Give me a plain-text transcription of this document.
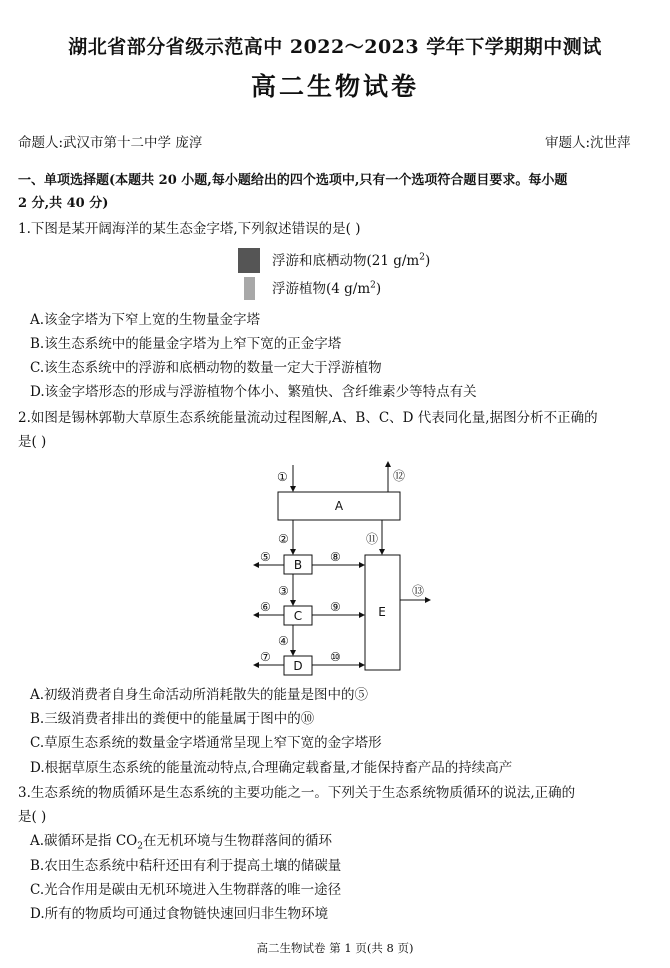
湖北省部分省级示范高中 2022～2023 学年下学期期中测试
高二生物试卷
命题人:武汉市第十二中学 庞淳	审题人:沈世萍
一、单项选择题(本题共 20 小题,每小题给出的四个选项中,只有一个选项符合题目要求。每小题
2 分,共 40 分)
1.下图是某开阔海洋的某生态金字塔,下列叙述错误的是( )
浮游和底栖动物(21 $g/m^2$)
浮游植物(4 $g/m^2$)
A.该金字塔为下窄上宽的生物量金字塔
B.该生态系统中的能量金字塔为上窄下宽的正金字塔
C.该生态系统中的浮游和底栖动物的数量一定大于浮游植物
D.该金字塔形态的形成与浮游植物个体小、繁殖快、含纤维素少等特点有关
2.如图是锡林郭勒大草原生态系统能量流动过程图解,A、B、C、D 代表同化量,据图分析不正确的
是( )
A
B
C
D
E
①	⑫
②	⑪
③
④
⑤
⑥
⑦
⑧
⑨
⑩
⑬
A.初级消费者自身生命活动所消耗散失的能量是图中的⑤
B.三级消费者排出的粪便中的能量属于图中的⑩
C.草原生态系统的数量金字塔通常呈现上窄下宽的金字塔形
D.根据草原生态系统的能量流动特点,合理确定载畜量,才能保持畜产品的持续高产
3.生态系统的物质循环是生态系统的主要功能之一。下列关于生态系统物质循环的说法,正确的
是( )
A.碳循环是指 $CO_2$在无机环境与生物群落间的循环
B.农田生态系统中秸秆还田有利于提高土壤的储碳量
C.光合作用是碳由无机环境进入生物群落的唯一途径
D.所有的物质均可通过食物链快速回归非生物环境
高二生物试卷 第 1 页(共 8 页)
